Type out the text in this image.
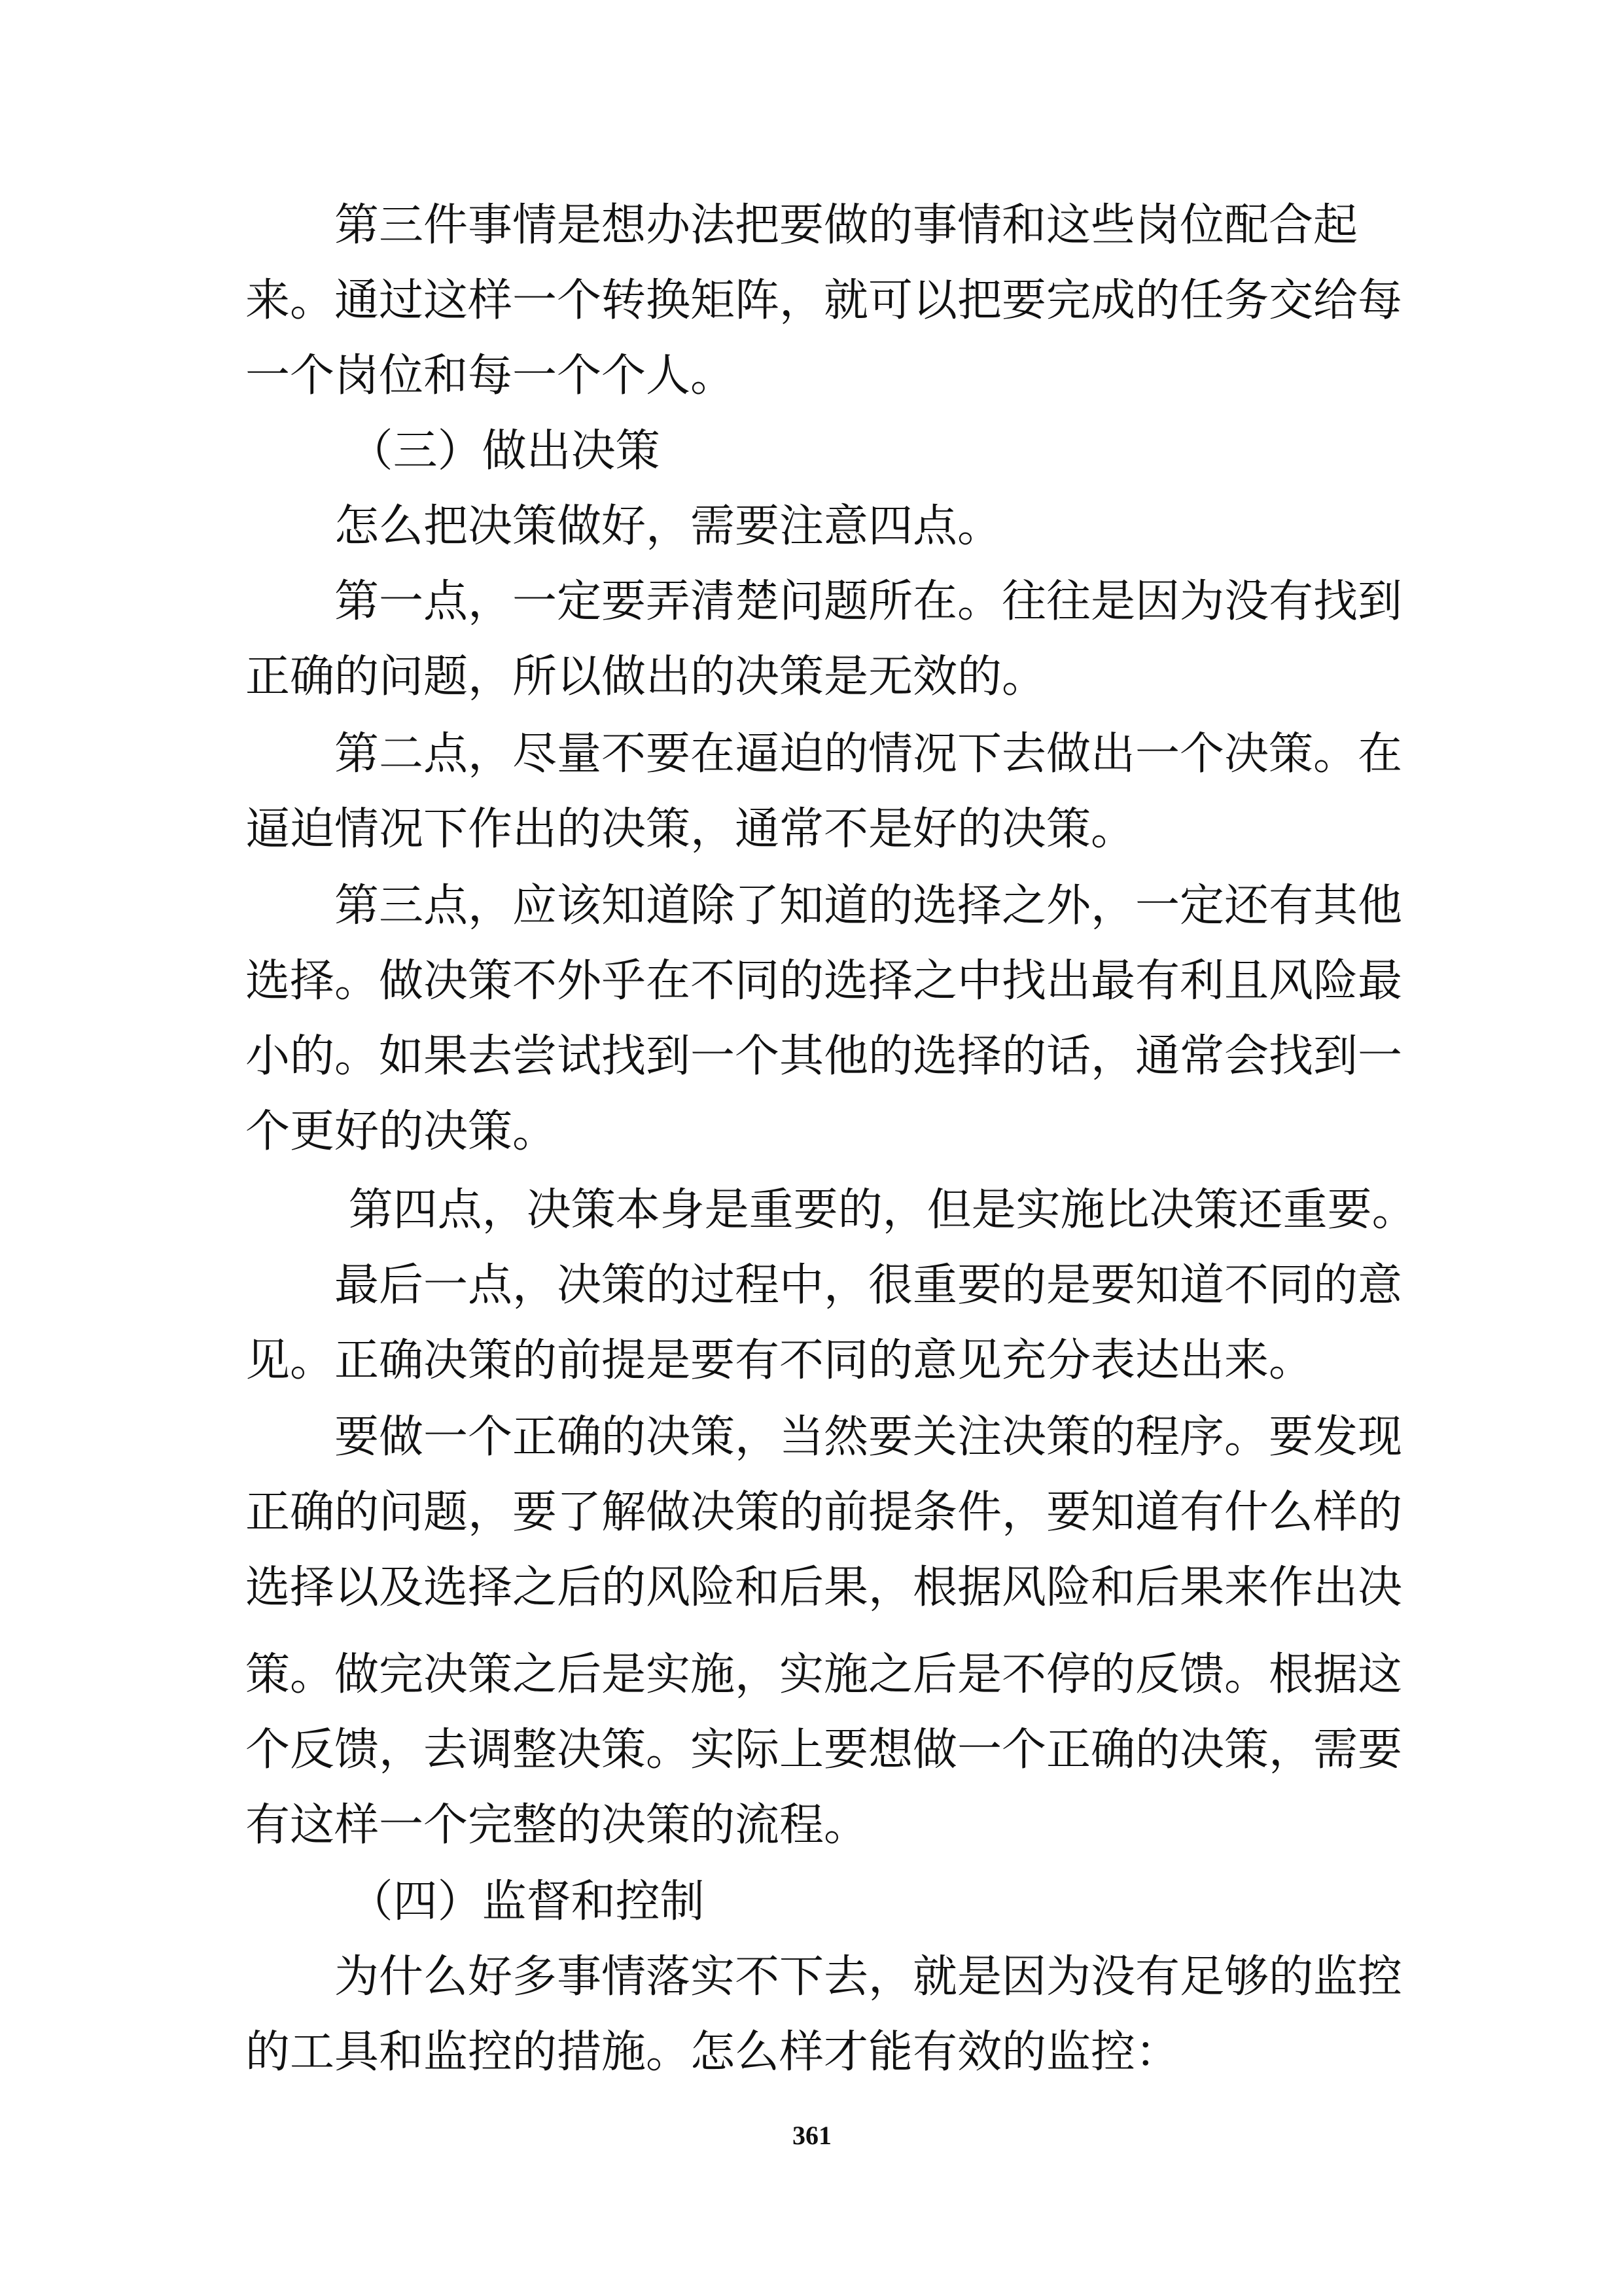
　　第三件事情是想办法把要做的事情和这些岗位配合起
来。通过这样一个转换矩阵，就可以把要完成的任务交给每
一个岗位和每一个个人。
　　 （三）做出决策
　　怎么把决策做好，需要注意四点。
　　第一点，一定要弄清楚问题所在。往往是因为没有找到
正确的问题，所以做出的决策是无效的。
　　第二点，尽量不要在逼迫的情况下去做出一个决策。在
逼迫情况下作出的决策，通常不是好的决策。
　　第三点，应该知道除了知道的选择之外，一定还有其他
选择。做决策不外乎在不同的选择之中找出最有利且风险最
小的。如果去尝试找到一个其他的选择的话，通常会找到一
个更好的决策。
　　 第四点，决策本身是重要的，但是实施比决策还重要。
　　最后一点，决策的过程中，很重要的是要知道不同的意
见。正确决策的前提是要有不同的意见充分表达出来。
　　要做一个正确的决策，当然要关注决策的程序。要发现
正确的问题，要了解做决策的前提条件，要知道有什么样的
选择以及选择之后的风险和后果，根据风险和后果来作出决
策。做完决策之后是实施，实施之后是不停的反馈。根据这
个反馈，去调整决策。实际上要想做一个正确的决策，需要
有这样一个完整的决策的流程。
　　 （四）监督和控制
　　为什么好多事情落实不下去，就是因为没有足够的监控
的工具和监控的措施。怎么样才能有效的监控：
361
